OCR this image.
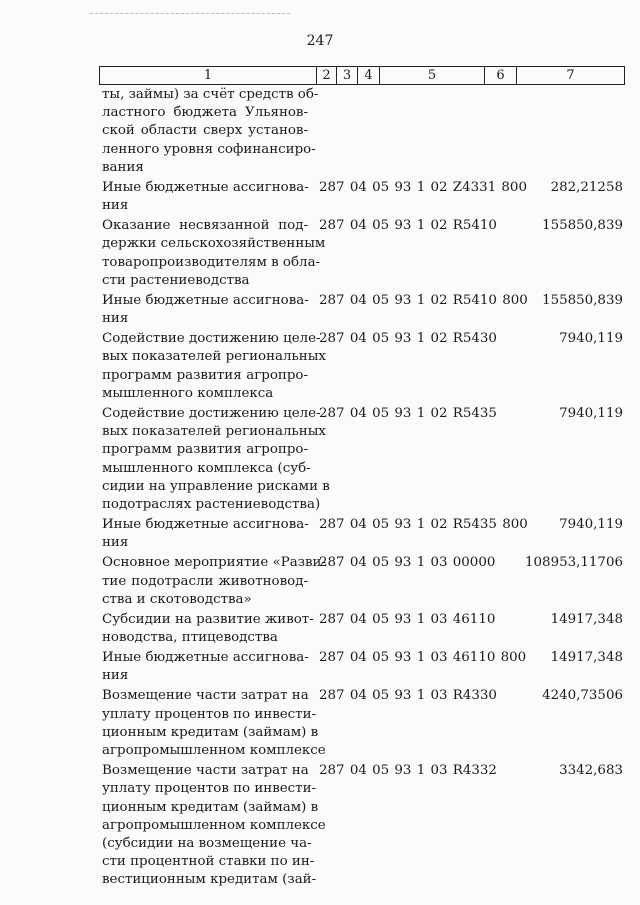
247
1	2	3	4	5	6	7
ты, займы) за счёт средств об-
ластного бюджета Ульянов-
ской области сверх установ-
ленного уровня софинансиро-
вания
Иные бюджетные ассигнова-
ния
287 04 05 93 1 02 Z4331 800	282,21258
Оказание несвязанной под-
держки сельскохозяйственным
товаропроизводителям в обла-
сти растениеводства
287 04 05 93 1 02 R5410	155850,839
Иные бюджетные ассигнова-
ния
287 04 05 93 1 02 R5410 800	155850,839
Содействие достижению целе-
вых показателей региональных
программ развития агропро-
мышленного комплекса
287 04 05 93 1 02 R5430	7940,119
Содействие достижению целе-
вых показателей региональных
программ развития агропро-
мышленного комплекса (суб-
сидии на управление рисками в
подотраслях растениеводства)
287 04 05 93 1 02 R5435	7940,119
Иные бюджетные ассигнова-
ния
287 04 05 93 1 02 R5435 800	7940,119
Основное мероприятие «Разви-
тие подотрасли животновод-
ства и скотоводства»
287 04 05 93 1 03 00000	108953,11706
Субсидии на развитие живот-
новодства, птицеводства
287 04 05 93 1 03 46110	14917,348
Иные бюджетные ассигнова-
ния
287 04 05 93 1 03 46110 800	14917,348
Возмещение части затрат на
уплату процентов по инвести-
ционным кредитам (займам) в
агропромышленном комплексе
287 04 05 93 1 03 R4330	4240,73506
Возмещение части затрат на
уплату процентов по инвести-
ционным кредитам (займам) в
агропромышленном комплексе
(субсидии на возмещение ча-
сти процентной ставки по ин-
вестиционным кредитам (зай-
287 04 05 93 1 03 R4332	3342,683
